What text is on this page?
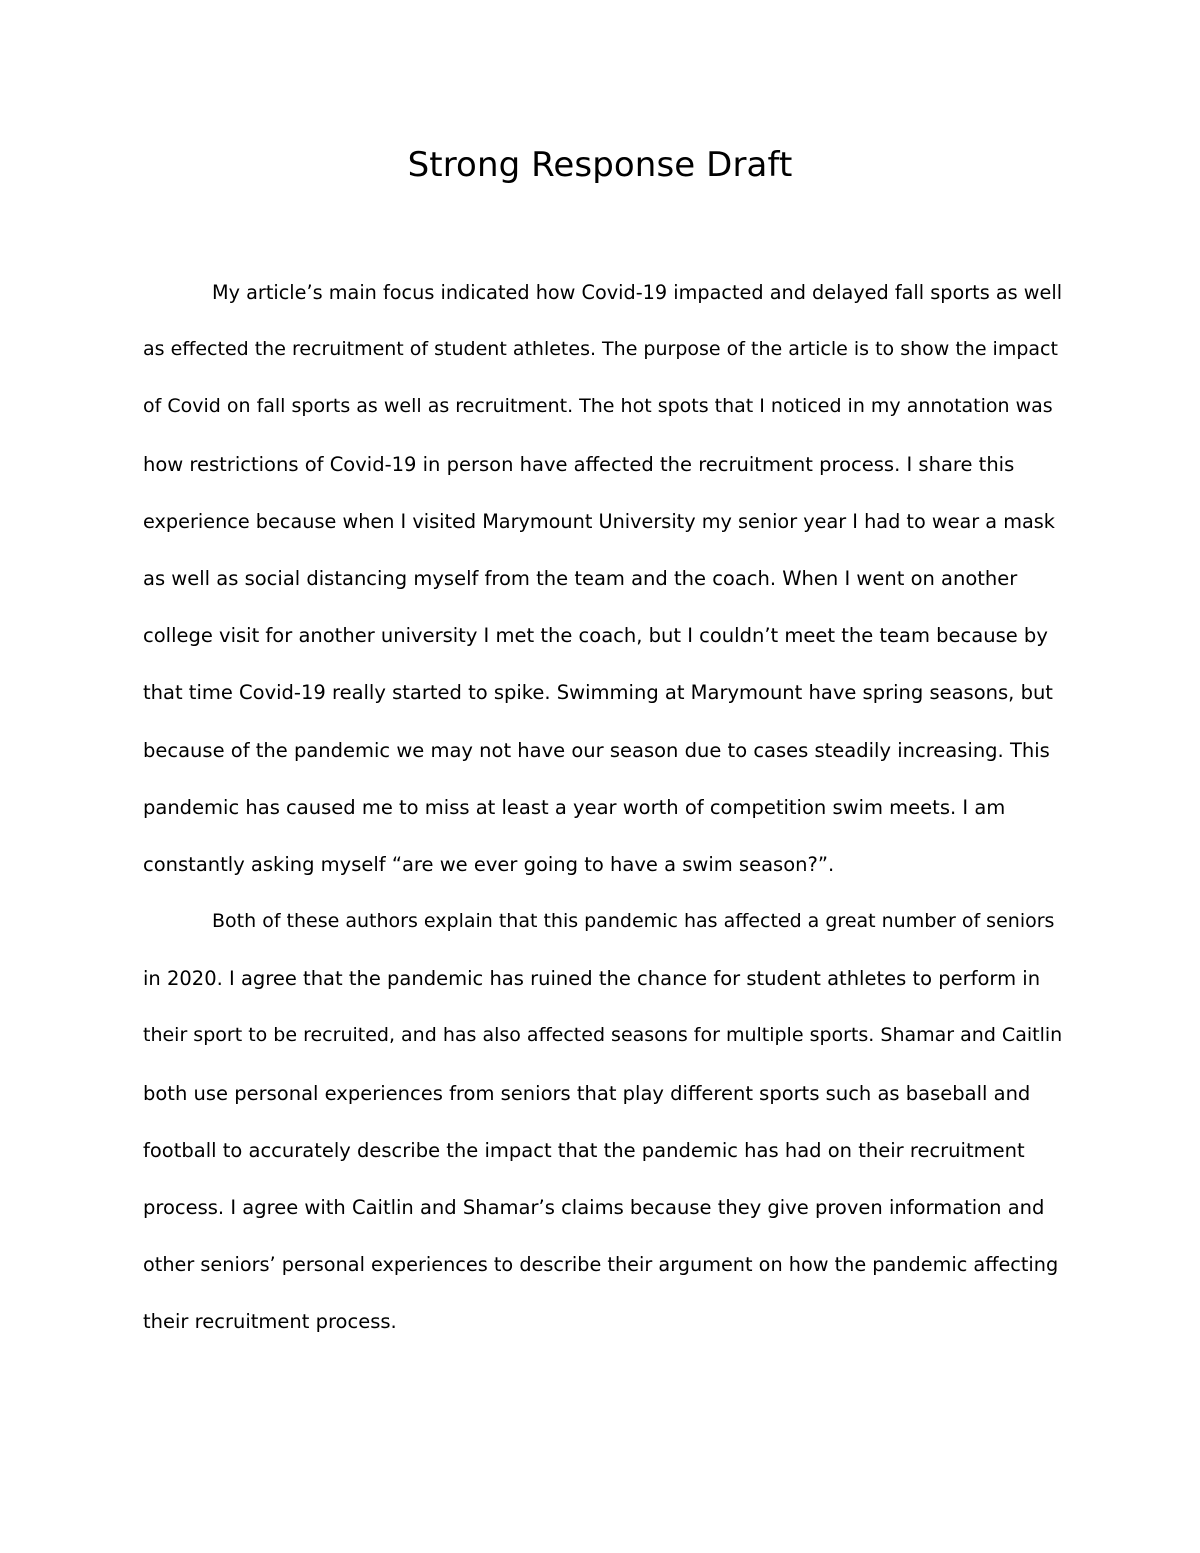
Strong Response Draft
My article’s main focus indicated how Covid-19 impacted and delayed fall sports as well
as effected the recruitment of student athletes. The purpose of the article is to show the impact
of Covid on fall sports as well as recruitment. The hot spots that I noticed in my annotation was
how restrictions of Covid-19 in person have affected the recruitment process. I share this
experience because when I visited Marymount University my senior year I had to wear a mask
as well as social distancing myself from the team and the coach. When I went on another
college visit for another university I met the coach, but I couldn’t meet the team because by
that time Covid-19 really started to spike. Swimming at Marymount have spring seasons, but
because of the pandemic we may not have our season due to cases steadily increasing. This
pandemic has caused me to miss at least a year worth of competition swim meets. I am
constantly asking myself “are we ever going to have a swim season?”.
Both of these authors explain that this pandemic has affected a great number of seniors
in 2020. I agree that the pandemic has ruined the chance for student athletes to perform in
their sport to be recruited, and has also affected seasons for multiple sports. Shamar and Caitlin
both use personal experiences from seniors that play different sports such as baseball and
football to accurately describe the impact that the pandemic has had on their recruitment
process. I agree with Caitlin and Shamar’s claims because they give proven information and
other seniors’ personal experiences to describe their argument on how the pandemic affecting
their recruitment process.
